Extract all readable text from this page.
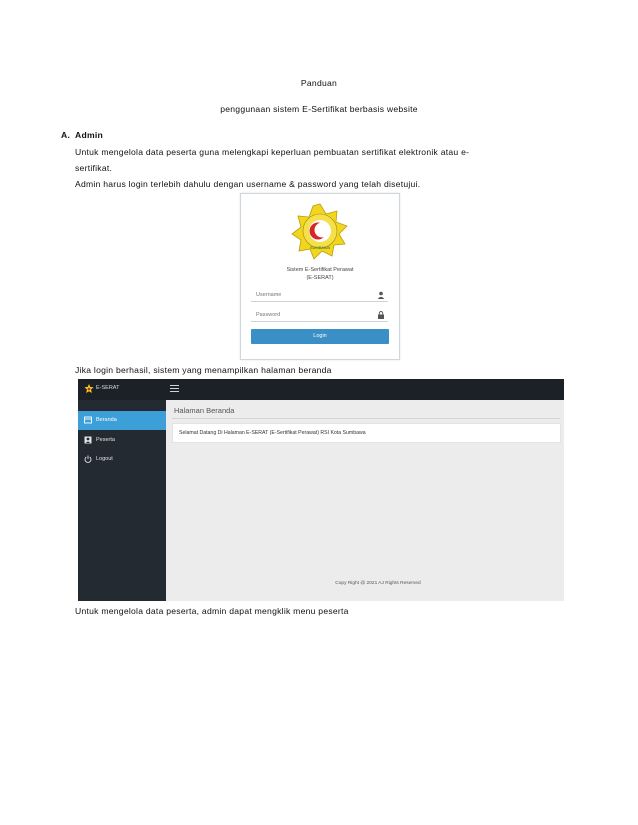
Panduan
penggunaan sistem E-Sertifikat berbasis website
A. Admin
Untuk mengelola data peserta guna melengkapi keperluan pembuatan sertifikat elektronik atau e-
sertifikat.
Admin harus login terlebih dahulu dengan username & password yang telah disetujui.
SUMBAWA
Sistem E-Sertifikat Perawat
(E-SERAT)
Username
Login
Jika login berhasil, sistem yang menampilkan halaman beranda
E-SERAT
Beranda
Peserta
Logout
Halaman Beranda
Selamat Datang Di Halaman E-SERAT (E-Sertifikat Perawat) RSI Kota Sumbawa
Copy Right @ 2021 AJ Rights Reserved
Untuk mengelola data peserta, admin dapat mengklik menu peserta
